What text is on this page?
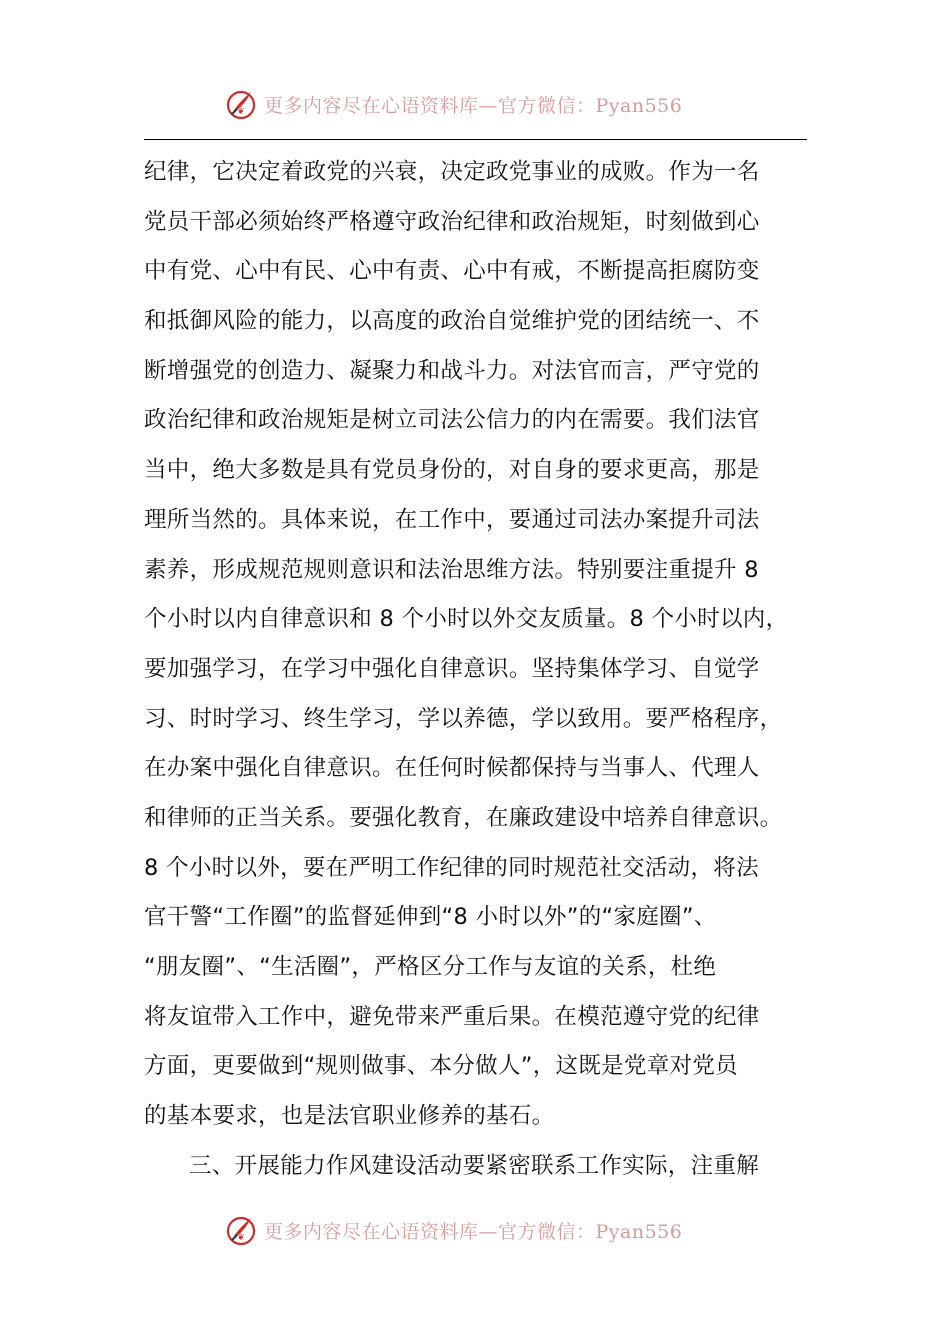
❦ 更多内容尽在心语资料库—官方微信：Pyan556
纪律，它决定着政党的兴衰，决定政党事业的成败。作为一名
党员干部必须始终严格遵守政治纪律和政治规矩，时刻做到心
中有党、心中有民、心中有责、心中有戒，不断提高拒腐防变
和抵御风险的能力，以高度的政治自觉维护党的团结统一、不
断增强党的创造力、凝聚力和战斗力。对法官而言，严守党的
政治纪律和政治规矩是树立司法公信力的内在需要。我们法官
当中，绝大多数是具有党员身份的，对自身的要求更高，那是
理所当然的。具体来说，在工作中，要通过司法办案提升司法
素养，形成规范规则意识和法治思维方法。特别要注重提升 8
个小时以内自律意识和 8 个小时以外交友质量。8 个小时以内，
要加强学习，在学习中强化自律意识。坚持集体学习、自觉学
习、时时学习、终生学习，学以养德，学以致用。要严格程序，
在办案中强化自律意识。在任何时候都保持与当事人、代理人
和律师的正当关系。要强化教育，在廉政建设中培养自律意识。
8 个小时以外，要在严明工作纪律的同时规范社交活动，将法
官干警“工作圈”的监督延伸到“8 小时以外”的“家庭圈”、
“朋友圈”、“生活圈”，严格区分工作与友谊的关系，杜绝
将友谊带入工作中，避免带来严重后果。在模范遵守党的纪律
方面，更要做到“规则做事、本分做人”，这既是党章对党员
的基本要求，也是法官职业修养的基石。
三、开展能力作风建设活动要紧密联系工作实际，注重解
❦ 更多内容尽在心语资料库—官方微信：Pyan556
